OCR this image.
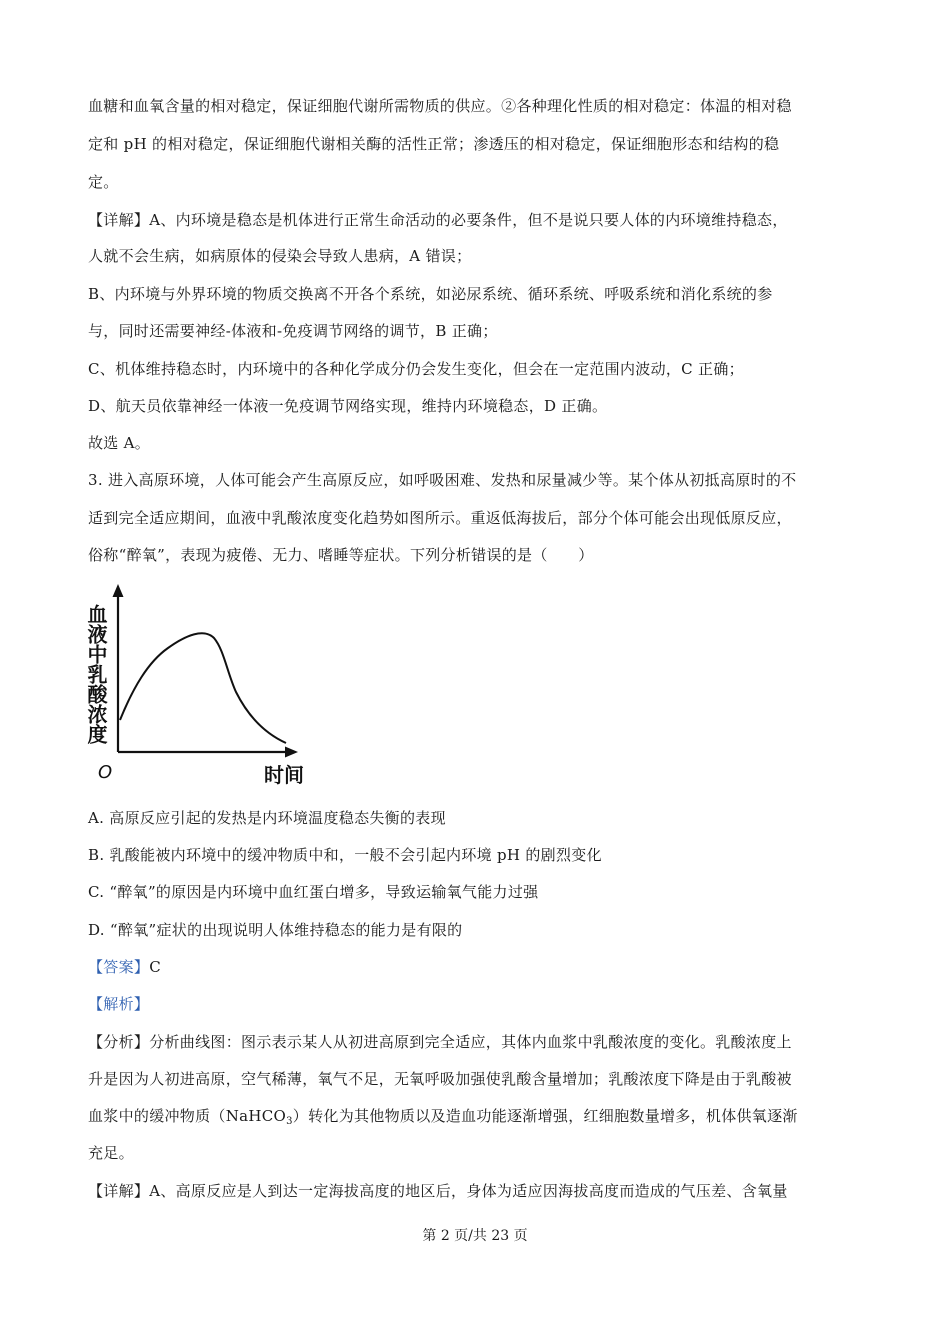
血糖和血氧含量的相对稳定，保证细胞代谢所需物质的供应。②各种理化性质的相对稳定：体温的相对稳
定和 pH 的相对稳定，保证细胞代谢相关酶的活性正常；渗透压的相对稳定，保证细胞形态和结构的稳
定。
【详解】A、内环境是稳态是机体进行正常生命活动的必要条件，但不是说只要人体的内环境维持稳态，
人就不会生病，如病原体的侵染会导致人患病，A 错误；
B、内环境与外界环境的物质交换离不开各个系统，如泌尿系统、循环系统、呼吸系统和消化系统的参
与，同时还需要神经-体液和-免疫调节网络的调节，B 正确；
C、机体维持稳态时，内环境中的各种化学成分仍会发生变化，但会在一定范围内波动，C 正确；
D、航天员依靠神经一体液一免疫调节网络实现，维持内环境稳态，D 正确。
故选 A。
3. 进入高原环境，人体可能会产生高原反应，如呼吸困难、发热和尿量减少等。某个体从初抵高原时的不
适到完全适应期间，血液中乳酸浓度变化趋势如图所示。重返低海拔后，部分个体可能会出现低原反应，
俗称“醉氧”，表现为疲倦、无力、嗜睡等症状。下列分析错误的是（　　）
O	时间
血液中乳酸浓度
A. 高原反应引起的发热是内环境温度稳态失衡的表现
B. 乳酸能被内环境中的缓冲物质中和，一般不会引起内环境 pH 的剧烈变化
C. “醉氧”的原因是内环境中血红蛋白增多，导致运输氧气能力过强
D. “醉氧”症状的出现说明人体维持稳态的能力是有限的
【答案】C
【解析】
【分析】分析曲线图：图示表示某人从初进高原到完全适应，其体内血浆中乳酸浓度的变化。乳酸浓度上
升是因为人初进高原，空气稀薄，氧气不足，无氧呼吸加强使乳酸含量增加；乳酸浓度下降是由于乳酸被
血浆中的缓冲物质（NaHCO$_3$）转化为其他物质以及造血功能逐渐增强，红细胞数量增多，机体供氧逐渐
充足。
【详解】A、高原反应是人到达一定海拔高度的地区后，身体为适应因海拔高度而造成的气压差、含氧量
第 2 页/共 23 页
